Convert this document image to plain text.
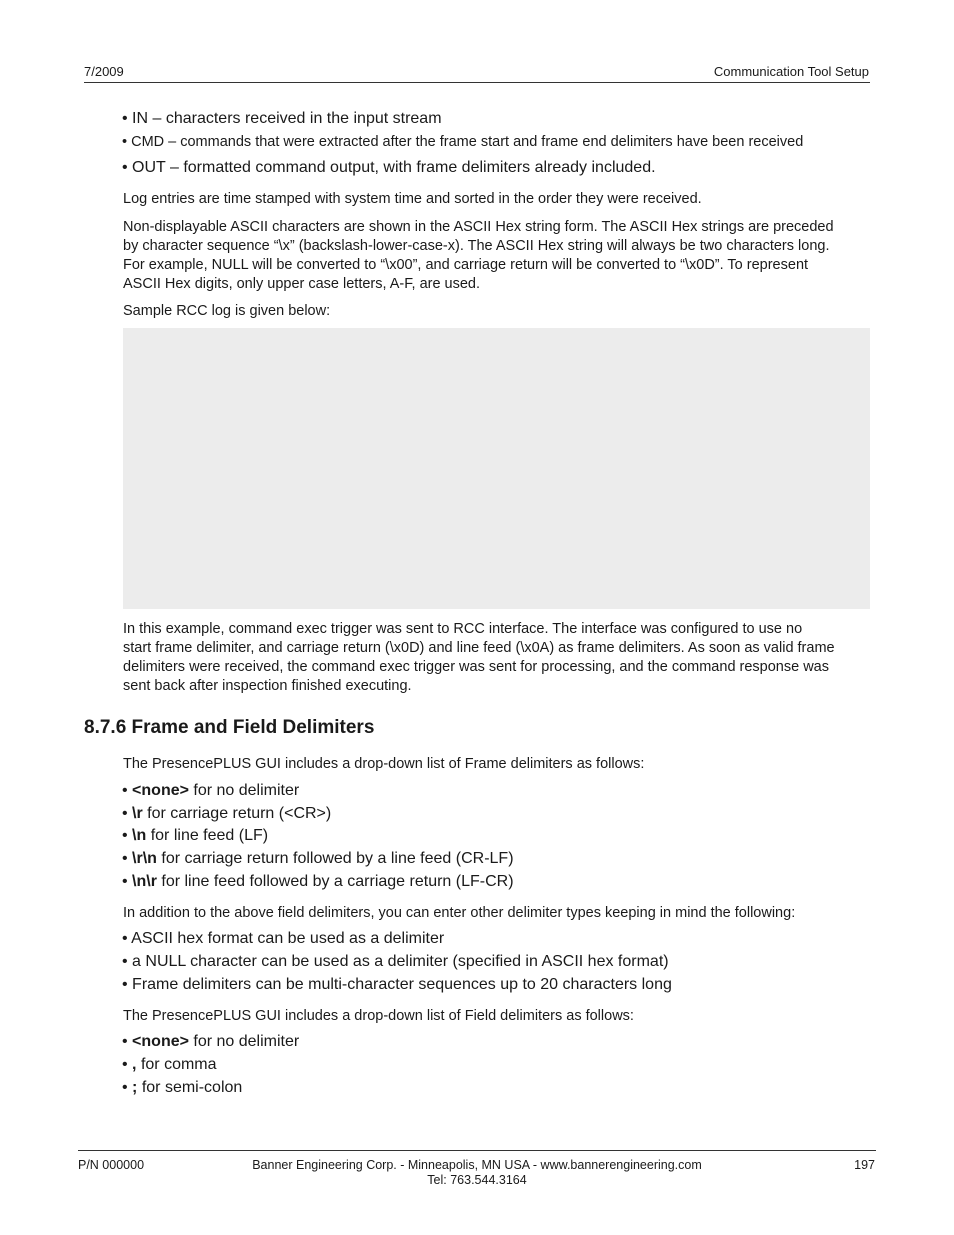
7/2009	Communication Tool Setup
• IN – characters received in the input stream
• CMD – commands that were extracted after the frame start and frame end delimiters have been received
• OUT – formatted command output, with frame delimiters already included.
Log entries are time stamped with system time and sorted in the order they were received.
Non-displayable ASCII characters are shown in the ASCII Hex string form. The ASCII Hex strings are preceded
by character sequence “\x” (backslash-lower-case-x). The ASCII Hex string will always be two characters long.
For example, NULL will be converted to “\x00”, and carriage return will be converted to “\x0D”. To represent
ASCII Hex digits, only upper case letters, A-F, are used.
Sample RCC log is given below:
In this example, command exec trigger was sent to RCC interface. The interface was configured to use no
start frame delimiter, and carriage return (\x0D) and line feed (\x0A) as frame delimiters. As soon as valid frame
delimiters were received, the command exec trigger was sent for processing, and the command response was
sent back after inspection finished executing.
8.7.6 Frame and Field Delimiters
The PresencePLUS GUI includes a drop-down list of Frame delimiters as follows:
• <none> for no delimiter
• \r for carriage return (<CR>)
• \n for line feed (LF)
• \r\n for carriage return followed by a line feed (CR-LF)
• \n\r for line feed followed by a carriage return (LF-CR)
In addition to the above field delimiters, you can enter other delimiter types keeping in mind the following:
• ASCII hex format can be used as a delimiter
• a NULL character can be used as a delimiter (specified in ASCII hex format)
• Frame delimiters can be multi-character sequences up to 20 characters long
The PresencePLUS GUI includes a drop-down list of Field delimiters as follows:
• <none> for no delimiter
• , for comma
• ; for semi-colon
P/N 000000	Banner Engineering Corp. - Minneapolis, MN USA - www.bannerengineering.com
Tel: 763.544.3164
197
